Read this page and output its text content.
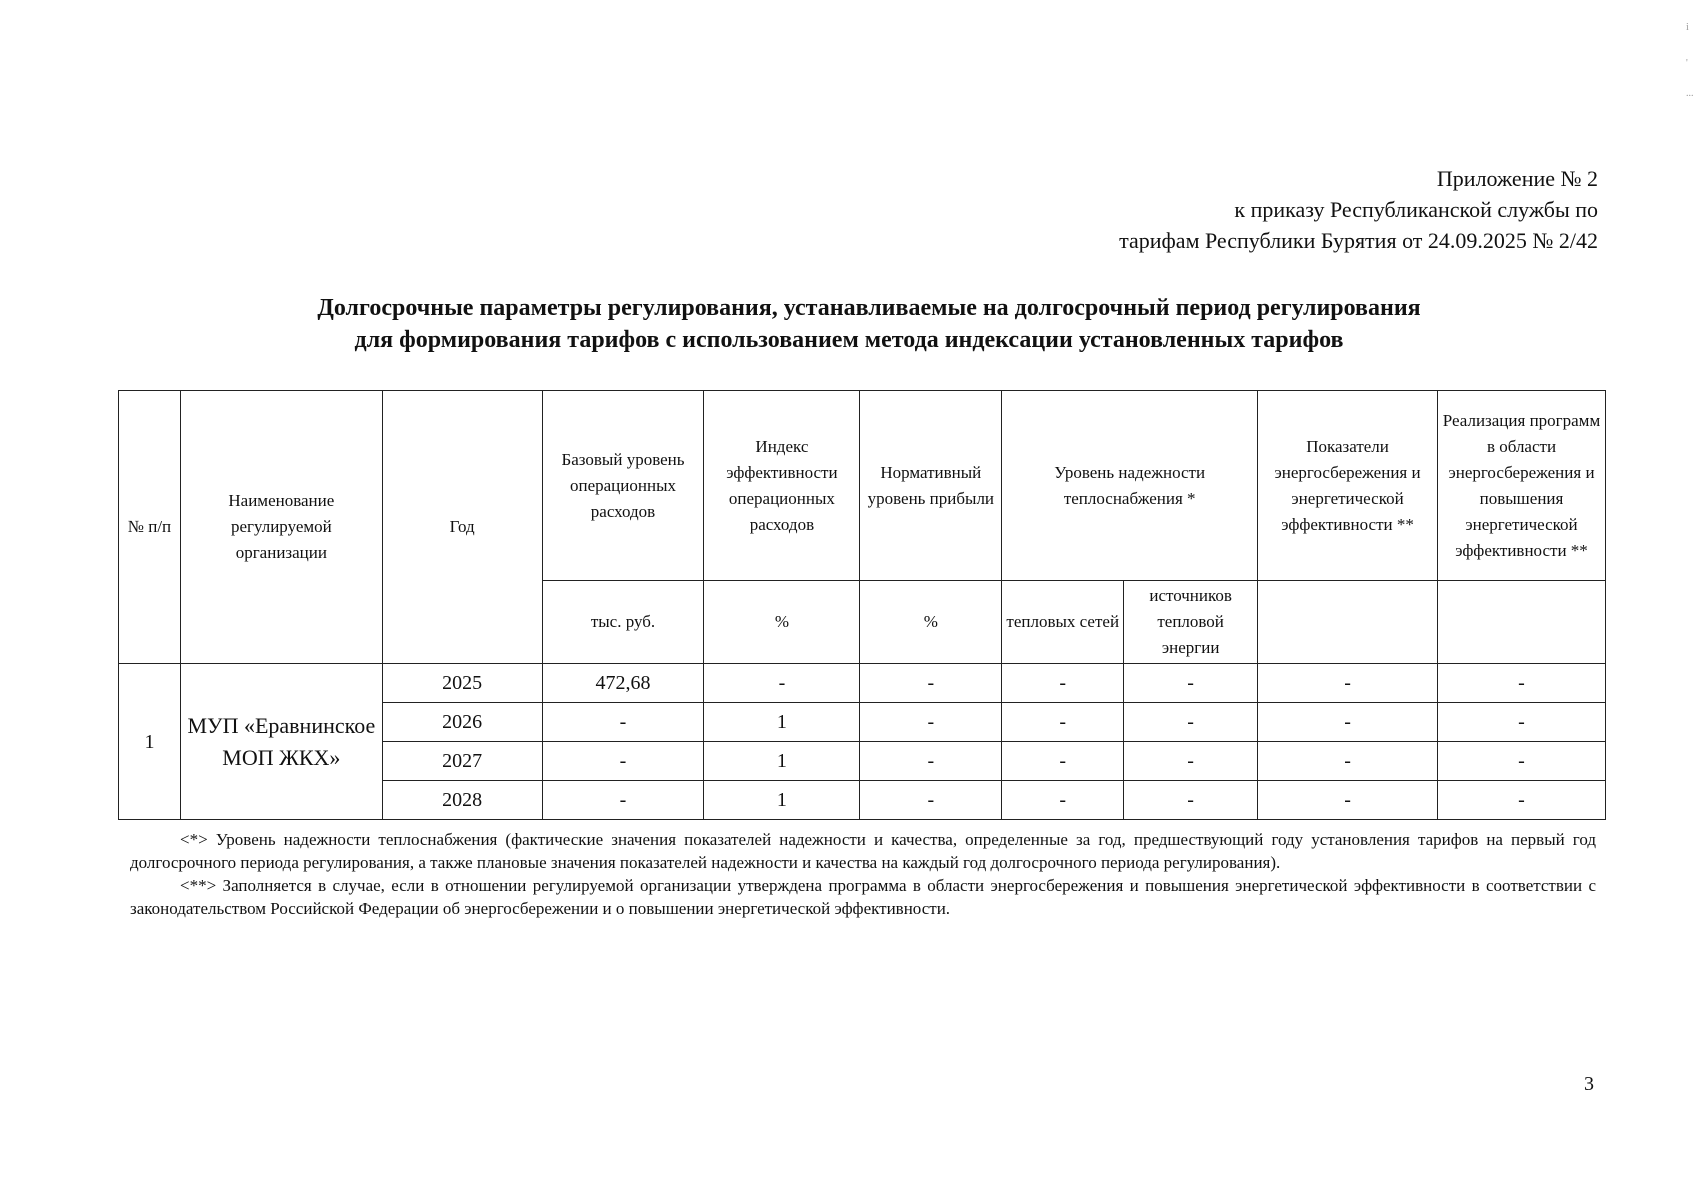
Приложение № 2
к приказу Республиканской службы по
тарифам Республики Бурятия от 24.09.2025 № 2/42
Долгосрочные параметры регулирования, устанавливаемые на долгосрочный период регулирования
для формирования тарифов с использованием метода индексации установленных тарифов
№ п/п	Наименование регулируемой организации	Год	Базовый уровень операционных расходов	Индекс эффективности операционных расходов	Нормативный уровень прибыли	Уровень надежности теплоснабжения *		Показатели энергосбережения и энергетической эффективности **	Реализация программ в области энергосбережения и повышения энергетической эффективности **
			тыс. руб.	%	%	тепловых сетей	источников тепловой энергии		
1	МУП «Еравнинское МОП ЖКХ»	2025	472,68	-	-	-	-	-	-
		2026	-	1	-	-	-	-	-
		2027	-	1	-	-	-	-	-
		2028	-	1	-	-	-	-	-

<*> Уровень надежности теплоснабжения (фактические значения показателей надежности и качества, определенные за год, предшествующий году установления тарифов на первый год долгосрочного периода регулирования, а также плановые значения показателей надежности и качества на каждый год долгосрочного периода регулирования).

<**> Заполняется в случае, если в отношении регулируемой организации утверждена программа в области энергосбережения и повышения энергетической эффективности в соответствии с законодательством Российской Федерации об энергосбережении и о повышении энергетической эффективности.

3
i
'
...
